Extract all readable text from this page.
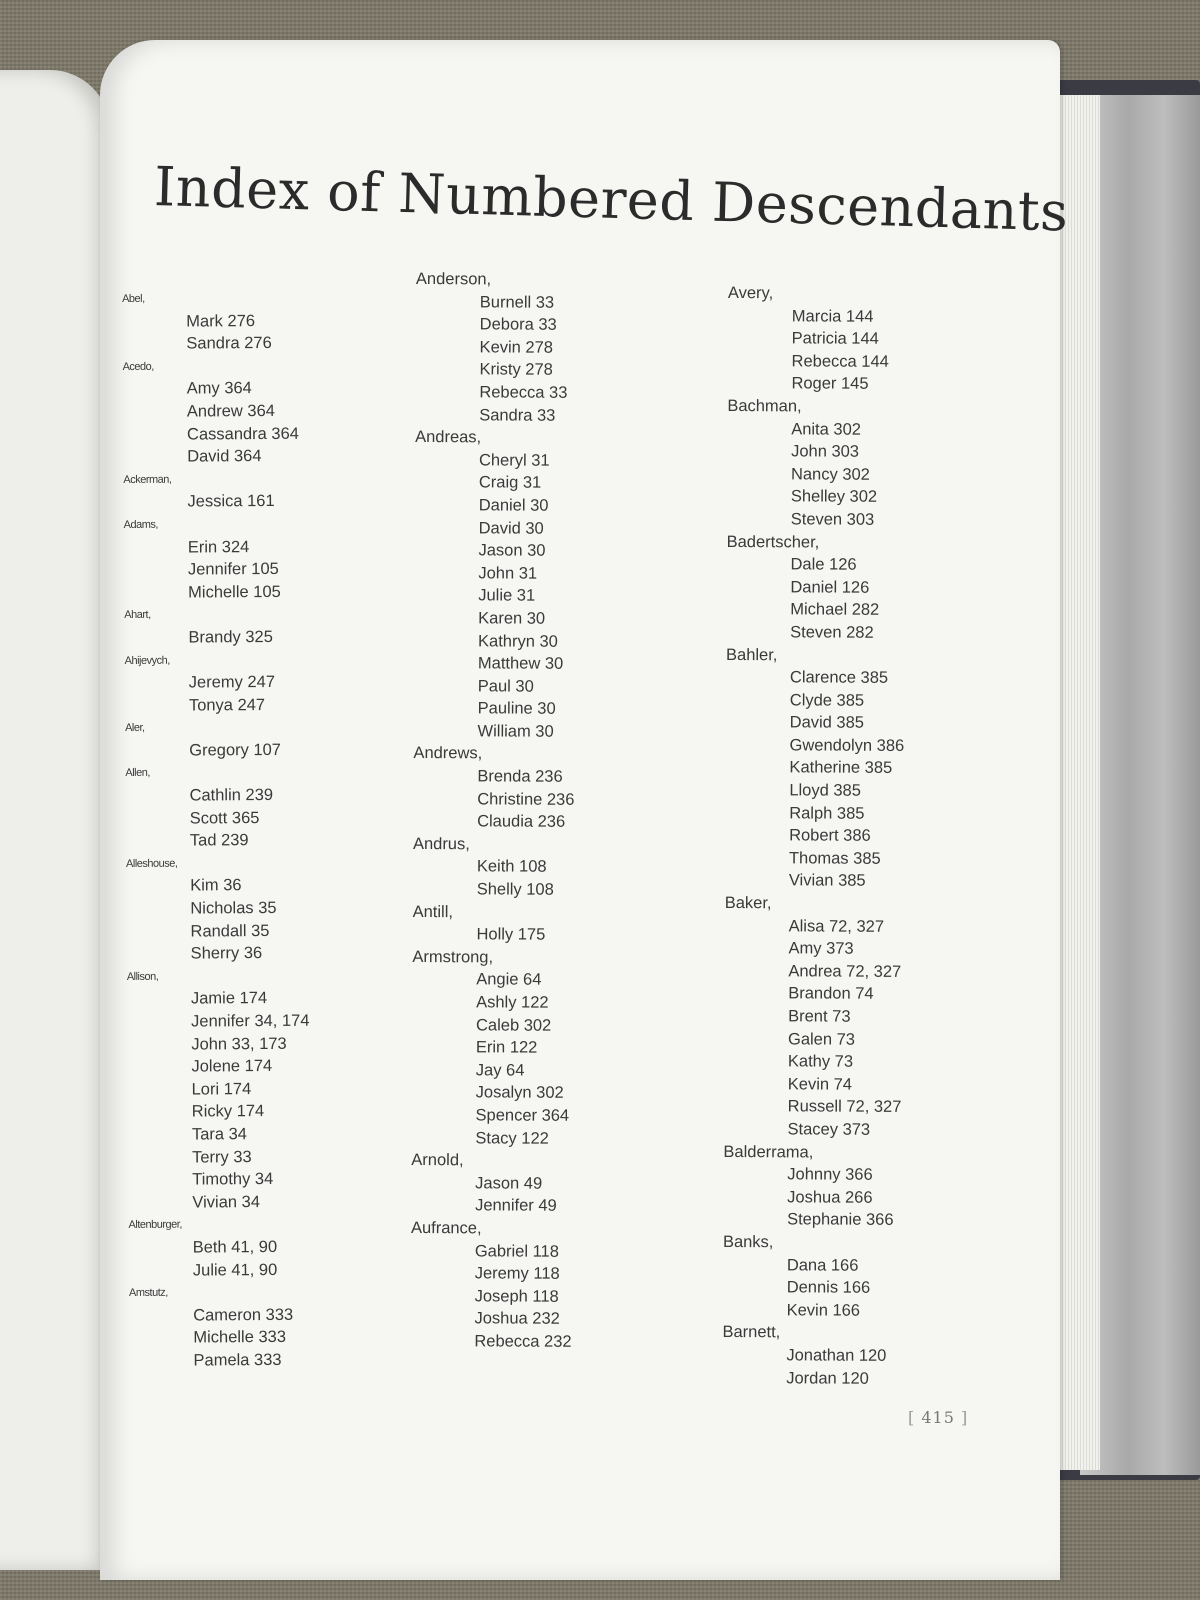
Index of Numbered Descendants

Abel,

Mark 276
Sandra 276

Acedo,

Amy 364
Andrew 364
Cassandra 364
David 364

Ackerman,

Jessica 161

Adams,

Erin 324
Jennifer 105
Michelle 105

Ahart,

Brandy 325

Ahijevych,

Jeremy 247
Tonya 247

Aler,

Gregory 107

Allen,

Cathlin 239
Scott 365
Tad 239

Alleshouse,

Kim 36
Nicholas 35
Randall 35
Sherry 36

Allison,

Jamie 174
Jennifer 34, 174
John 33, 173
Jolene 174
Lori 174
Ricky 174
Tara 34
Terry 33
Timothy 34
Vivian 34

Altenburger,

Beth 41, 90
Julie 41, 90

Amstutz,

Cameron 333
Michelle 333
Pamela 333

Anderson,

Burnell 33
Debora 33
Kevin 278
Kristy 278
Rebecca 33
Sandra 33

Andreas,

Cheryl 31
Craig 31
Daniel 30
David 30
Jason 30
John 31
Julie 31
Karen 30
Kathryn 30
Matthew 30
Paul 30
Pauline 30
William 30

Andrews,

Brenda 236
Christine 236
Claudia 236

Andrus,

Keith 108
Shelly 108

Antill,

Holly 175

Armstrong,

Angie 64
Ashly 122
Caleb 302
Erin 122
Jay 64
Josalyn 302
Spencer 364
Stacy 122

Arnold,

Jason 49
Jennifer 49

Aufrance,

Gabriel 118
Jeremy 118
Joseph 118
Joshua 232
Rebecca 232

Avery,

Marcia 144
Patricia 144
Rebecca 144
Roger 145

Bachman,

Anita 302
John 303
Nancy 302
Shelley 302
Steven 303

Badertscher,

Dale 126
Daniel 126
Michael 282
Steven 282

Bahler,

Clarence 385
Clyde 385
David 385
Gwendolyn 386
Katherine 385
Lloyd 385
Ralph 385
Robert 386
Thomas 385
Vivian 385

Baker,

Alisa 72, 327
Amy 373
Andrea 72, 327
Brandon 74
Brent 73
Galen 73
Kathy 73
Kevin 74
Russell 72, 327
Stacey 373

Balderrama,

Johnny 366
Joshua 266
Stephanie 366

Banks,

Dana 166
Dennis 166
Kevin 166

Barnett,

Jonathan 120
Jordan 120
[ 415 ]
